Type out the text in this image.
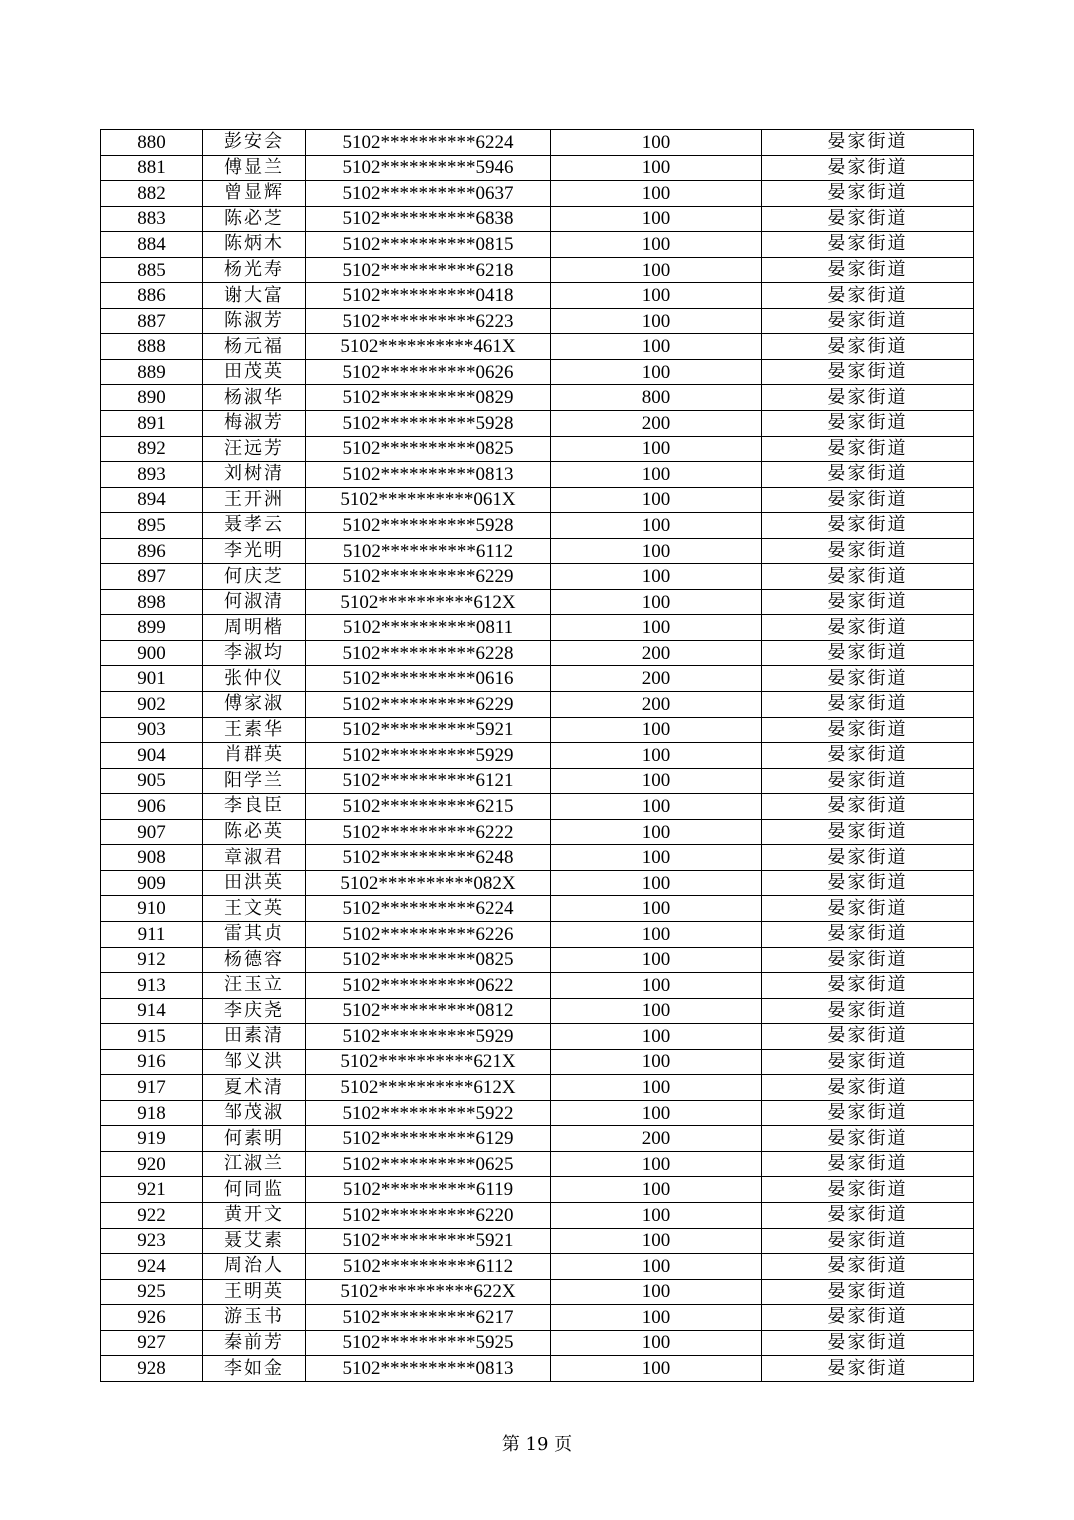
880	彭安会	5102**********6224	100	晏家街道
881	傅显兰	5102**********5946	100	晏家街道
882	曾显辉	5102**********0637	100	晏家街道
883	陈必芝	5102**********6838	100	晏家街道
884	陈炳木	5102**********0815	100	晏家街道
885	杨光寿	5102**********6218	100	晏家街道
886	谢大富	5102**********0418	100	晏家街道
887	陈淑芳	5102**********6223	100	晏家街道
888	杨元福	5102**********461X	100	晏家街道
889	田茂英	5102**********0626	100	晏家街道
890	杨淑华	5102**********0829	800	晏家街道
891	梅淑芳	5102**********5928	200	晏家街道
892	汪远芳	5102**********0825	100	晏家街道
893	刘树清	5102**********0813	100	晏家街道
894	王开洲	5102**********061X	100	晏家街道
895	聂孝云	5102**********5928	100	晏家街道
896	李光明	5102**********6112	100	晏家街道
897	何庆芝	5102**********6229	100	晏家街道
898	何淑清	5102**********612X	100	晏家街道
899	周明楷	5102**********0811	100	晏家街道
900	李淑均	5102**********6228	200	晏家街道
901	张仲仪	5102**********0616	200	晏家街道
902	傅家淑	5102**********6229	200	晏家街道
903	王素华	5102**********5921	100	晏家街道
904	肖群英	5102**********5929	100	晏家街道
905	阳学兰	5102**********6121	100	晏家街道
906	李良臣	5102**********6215	100	晏家街道
907	陈必英	5102**********6222	100	晏家街道
908	章淑君	5102**********6248	100	晏家街道
909	田洪英	5102**********082X	100	晏家街道
910	王文英	5102**********6224	100	晏家街道
911	雷其贞	5102**********6226	100	晏家街道
912	杨德容	5102**********0825	100	晏家街道
913	汪玉立	5102**********0622	100	晏家街道
914	李庆尧	5102**********0812	100	晏家街道
915	田素清	5102**********5929	100	晏家街道
916	邹义洪	5102**********621X	100	晏家街道
917	夏术清	5102**********612X	100	晏家街道
918	邹茂淑	5102**********5922	100	晏家街道
919	何素明	5102**********6129	200	晏家街道
920	江淑兰	5102**********0625	100	晏家街道
921	何同监	5102**********6119	100	晏家街道
922	黄开文	5102**********6220	100	晏家街道
923	聂艾素	5102**********5921	100	晏家街道
924	周治人	5102**********6112	100	晏家街道
925	王明英	5102**********622X	100	晏家街道
926	游玉书	5102**********6217	100	晏家街道
927	秦前芳	5102**********5925	100	晏家街道
928	李如金	5102**********0813	100	晏家街道
第 19 页
